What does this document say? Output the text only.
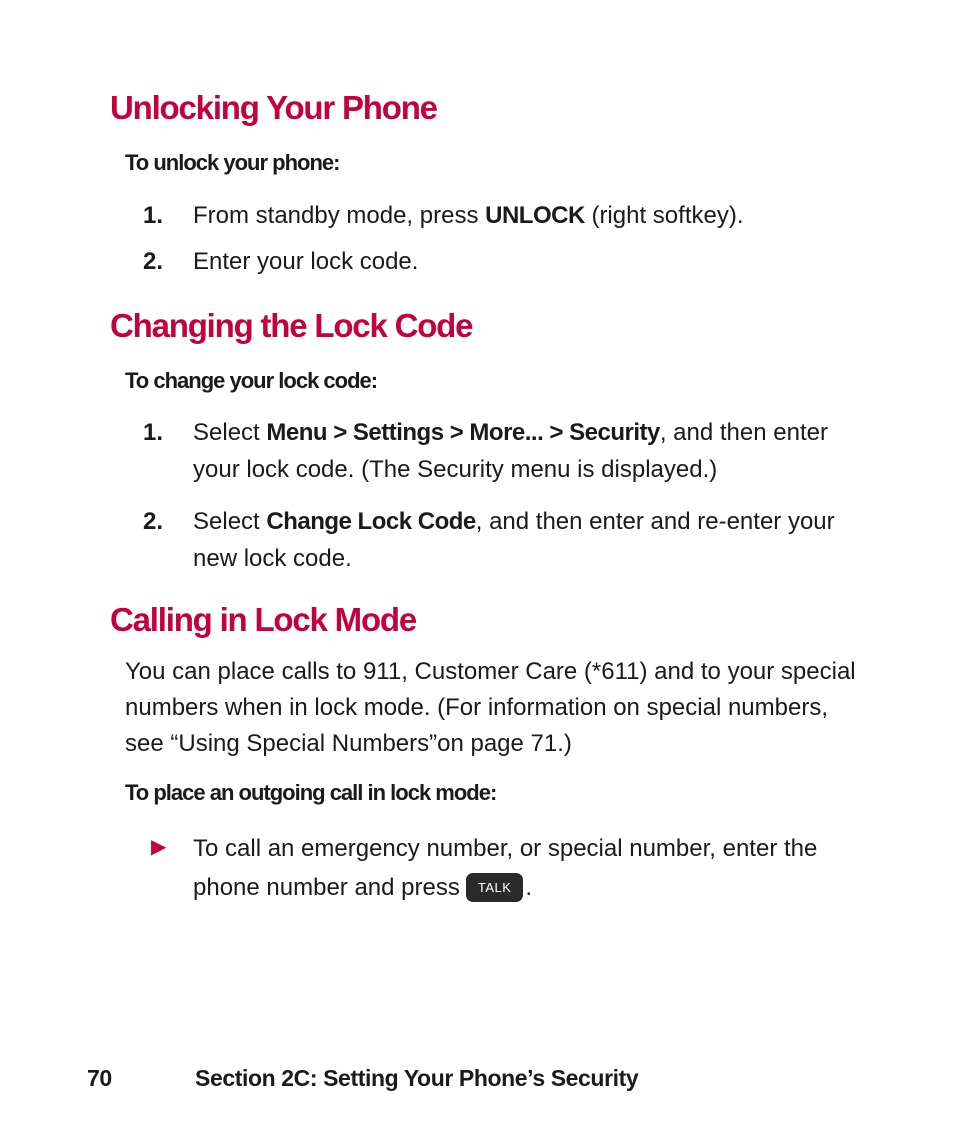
Unlocking Your Phone

To unlock your phone:

1. From standby mode, press UNLOCK (right softkey).
2. Enter your lock code.
Changing the Lock Code

To change your lock code:

1. Select Menu > Settings > More... > Security, and then enter your lock code. (The Security menu is displayed.)
2. Select Change Lock Code, and then enter and re-enter your new lock code.
Calling in Lock Mode
You can place calls to 911, Customer Care (*611) and to your special numbers when in lock mode. (For information on special numbers, see “Using Special Numbers”on page 71.)

To place an outgoing call in lock mode:

▶ To call an emergency number, or special number, enter the phone number and press TALK .
70	Section 2C: Setting Your Phone’s Security
